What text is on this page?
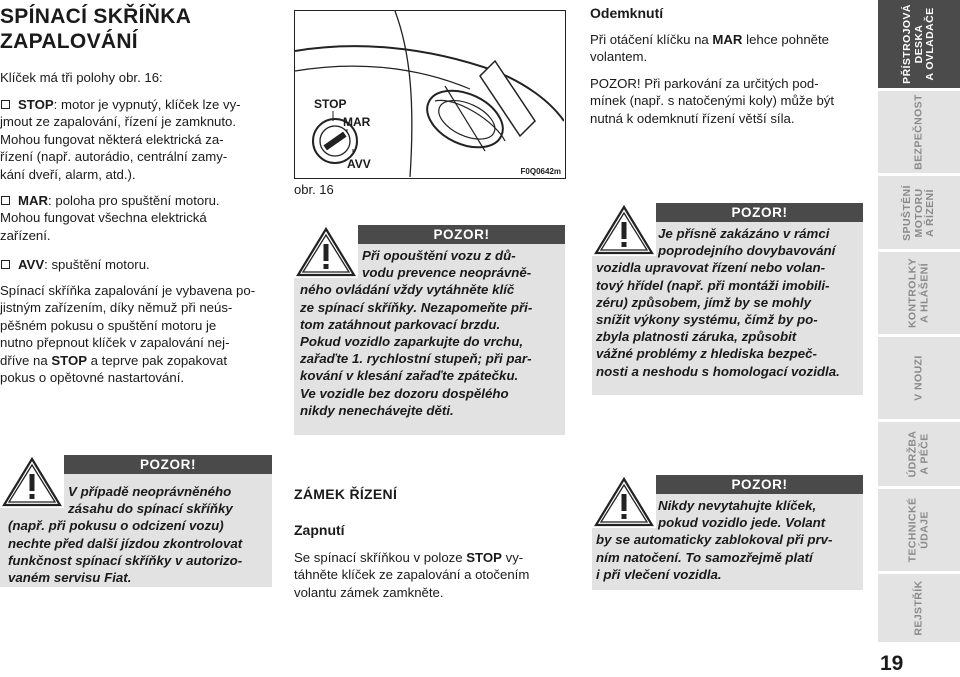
SPÍNACÍ SKŘÍŇKA
ZAPALOVÁNÍ

Klíček má tři polohy obr. 16:

STOP: motor je vypnutý, klíček lze vy-
jmout ze zapalování, řízení je zamknuto.
Mohou fungovat některá elektrická za-
řízení (např. autorádio, centrální zamy-
kání dveří, alarm, atd.).
MAR: poloha pro spuštění motoru.
Mohou fungovat všechna elektrická
zařízení.
AVV: spuštění motoru.

Spínací skříňka zapalování je vybavena po-
jistným zařízením, díky němuž při neús-
pěšném pokusu o spuštění motoru je
nutno přepnout klíček v zapalování nej-
dříve na STOP a teprve pak zopakovat
pokus o opětovné nastartování.

POZOR!
V případě neoprávněného
zásahu do spínací skříňky
(např. při pokusu o odcizení vozu)
nechte před další jízdou zkontrolovat
funkčnost spínací skříňky v autorizo-
vaném servisu Fiat.
STOP
MAR
AVV
F0Q0642m
obr. 16
POZOR!
Při opouštění vozu z dů-
vodu prevence neoprávně-
ného ovládání vždy vytáhněte klíč
ze spínací skříňky. Nezapomeňte při-
tom zatáhnout parkovací brzdu.
Pokud vozidlo zaparkujte do vrchu,
zařaďte 1. rychlostní stupeň; při par-
kování v klesání zařaďte zpátečku.
Ve vozidle bez dozoru dospělého
nikdy nenechávejte děti.
ZÁMEK ŘÍZENÍ
Zapnutí

Se spínací skříňkou v poloze STOP vy-
táhněte klíček ze zapalování a otočením
volantu zámek zamkněte.

Odemknutí

Při otáčení klíčku na MAR lehce pohněte
volantem.

POZOR! Při parkování za určitých pod-
mínek (např. s natočenými koly) může být
nutná k odemknutí řízení větší síla.

POZOR!
Je přísně zakázáno v rámci
poprodejního dovybavování
vozidla upravovat řízení nebo volan-
tový hřídel (např. při montáži imobili-
zéru) způsobem, jímž by se mohly
snížit výkony systému, čímž by po-
zbyla platnosti záruka, způsobit
vážné problémy z hlediska bezpeč-
nosti a neshodu s homologací vozidla.
POZOR!
Nikdy nevytahujte klíček,
pokud vozidlo jede. Volant
by se automaticky zablokoval při prv-
ním natočení. To samozřejmě platí
i při vlečení vozidla.
PŘÍSTROJOVÁ
DESKA
A OVLADAČE
BEZPEČNOST
SPUŠTĚNÍ
MOTORU
A ŘÍZENÍ
KONTROLKY
A HLÁŠENÍ
V NOUZI
ÚDRŽBA
A PÉČE
TECHNICKÉ
ÚDAJE
REJSTŘÍK
19
